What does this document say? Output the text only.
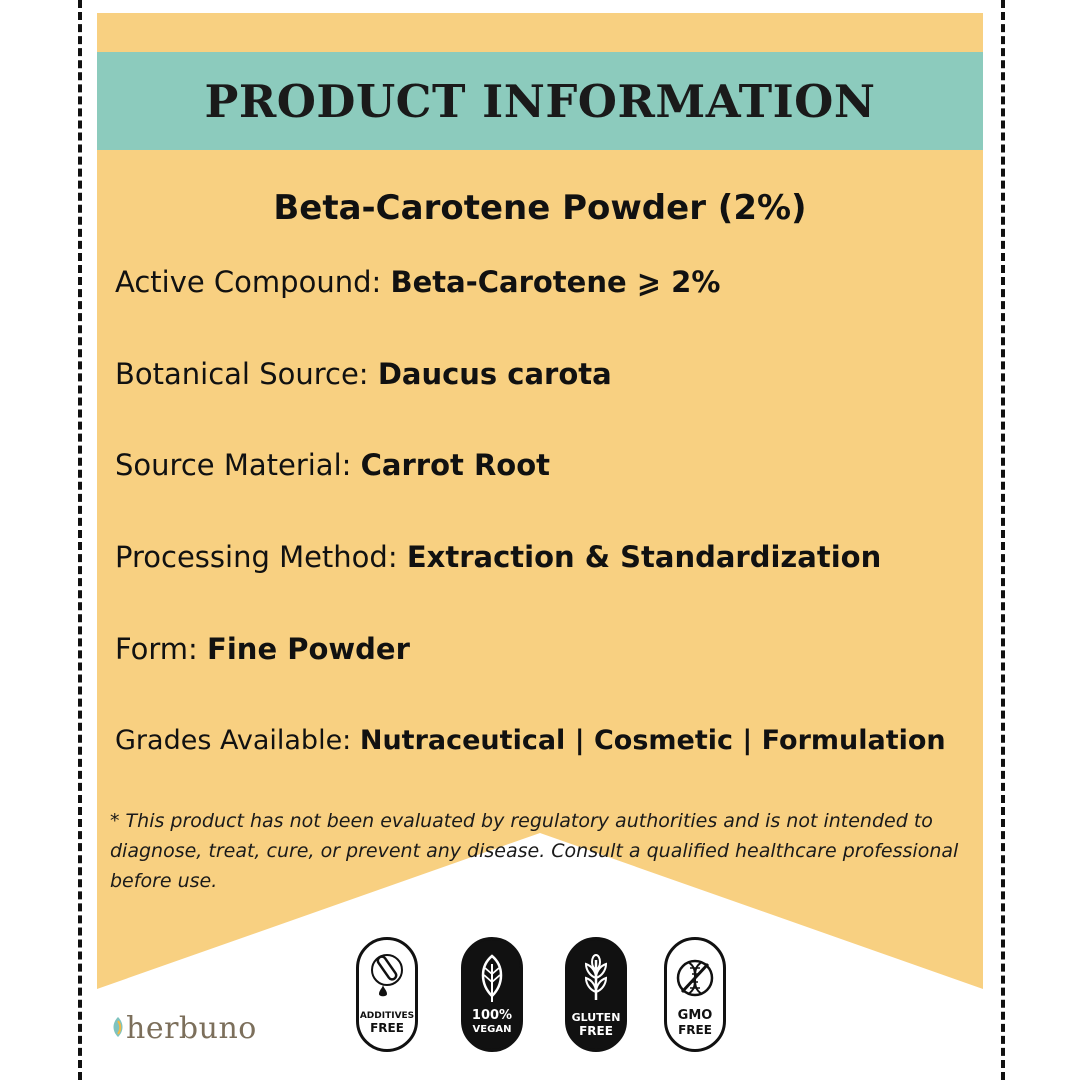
PRODUCT INFORMATION
Beta-Carotene Powder (2%)
Active Compound: Beta-Carotene ⩾ 2%
Botanical Source: Daucus carota
Source Material: Carrot Root
Processing Method: Extraction & Standardization
Form: Fine Powder
Grades Available: Nutraceutical | Cosmetic | Formulation
* This product has not been evaluated by regulatory authorities and is not intended to diagnose, treat, cure, or prevent any disease. Consult a qualified healthcare professional before use.
herbuno	ADDITIVES
FREE
100%
VEGAN
GLUTEN
FREE
GMO
FREE
